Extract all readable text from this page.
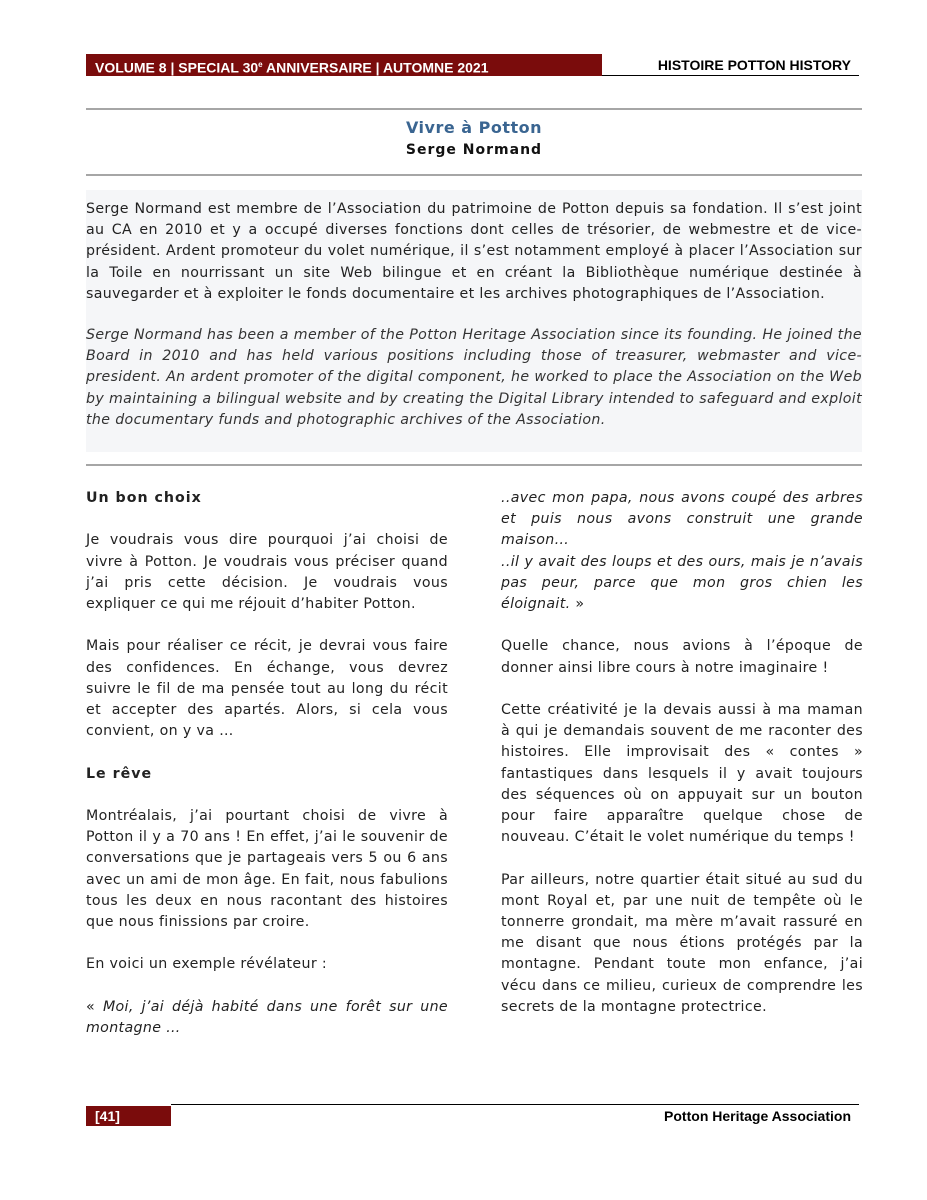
VOLUME 8 | SPECIAL 30e ANNIVERSAIRE | AUTOMNE 2021	HISTOIRE POTTON HISTORY
Vivre à Potton
Serge Normand

Serge Normand est membre de l’Association du patrimoine de Potton depuis sa fondation. Il s’est joint au CA en 2010 et y a occupé diverses fonctions dont celles de trésorier, de webmestre et de vice-président. Ardent promoteur du volet numérique, il s’est notamment employé à placer l’Association sur la Toile en nourrissant un site Web bilingue et en créant la Bibliothèque numérique destinée à sauvegarder et à exploiter le fonds documentaire et les archives photographiques de l’Association.

Serge Normand has been a member of the Potton Heritage Association since its founding. He joined the Board in 2010 and has held various positions including those of treasurer, webmaster and vice-president. An ardent promoter of the digital component, he worked to place the Association on the Web by maintaining a bilingual website and by creating the Digital Library intended to safeguard and exploit the documentary funds and photographic archives of the Association.

Un bon choix

Je voudrais vous dire pourquoi j’ai choisi de vivre à Potton. Je voudrais vous préciser quand j’ai pris cette décision. Je voudrais vous expliquer ce qui me réjouit d’habiter Potton.

Mais pour réaliser ce récit, je devrai vous faire des confidences. En échange, vous devrez suivre le fil de ma pensée tout au long du récit et accepter des apartés. Alors, si cela vous convient, on y va …

Le rêve

Montréalais, j’ai pourtant choisi de vivre à Potton il y a 70 ans ! En effet, j’ai le souvenir de conversations que je partageais vers 5 ou 6 ans avec un ami de mon âge. En fait, nous fabulions tous les deux en nous racontant des histoires que nous finissions par croire.

En voici un exemple révélateur :

« Moi, j’ai déjà habité dans une forêt sur une montagne …

..avec mon papa, nous avons coupé des arbres et puis nous avons construit une grande maison…

..il y avait des loups et des ours, mais je n’avais pas peur, parce que mon gros chien les éloignait. »

Quelle chance, nous avions à l’époque de donner ainsi libre cours à notre imaginaire !

Cette créativité je la devais aussi à ma maman à qui je demandais souvent de me raconter des histoires. Elle improvisait des « contes » fantastiques dans lesquels il y avait toujours des séquences où on appuyait sur un bouton pour faire apparaître quelque chose de nouveau. C’était le volet numérique du temps !

Par ailleurs, notre quartier était situé au sud du mont Royal et, par une nuit de tempête où le tonnerre grondait, ma mère m’avait rassuré en me disant que nous étions protégés par la montagne. Pendant toute mon enfance, j’ai vécu dans ce milieu, curieux de comprendre les secrets de la montagne protectrice.

[41]	Potton Heritage Association
